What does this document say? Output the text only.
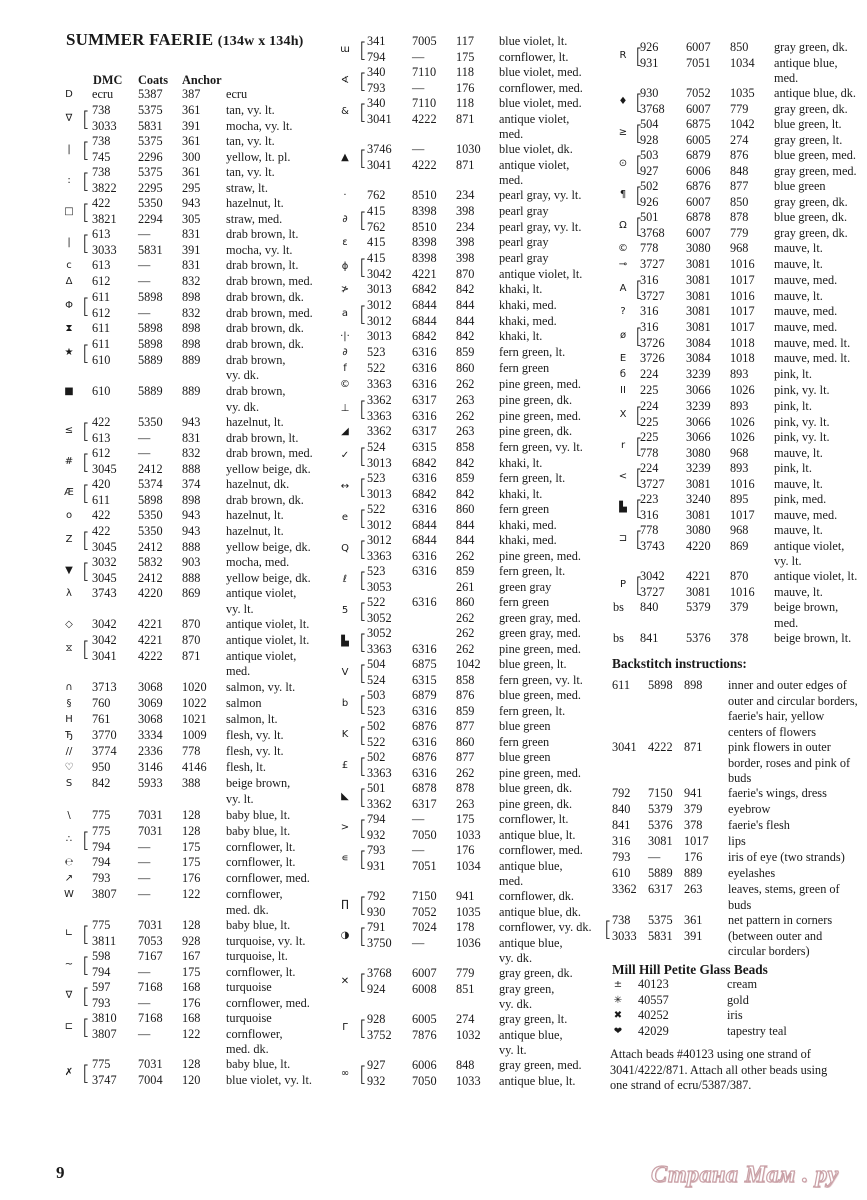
SUMMER FAERIE (134w x 134h)
DMC Coats Anchor
D	ecru 5387 387 ecru
∇ [ 738 5375 361 tan, vy. lt.
3033 5831 391 mocha, vy. lt.
| [ 738 5375 361 tan, vy. lt.
745 2296 300 yellow, lt. pl.
: [ 738 5375 361 tan, vy. lt.
3822 2295 295 straw, lt.
□ [ 422 5350 943 hazelnut, lt.
3821 2294 305 straw, med.
| [ 613 —	831 drab brown, lt.
3033 5831 391 mocha, vy. lt.
c	613 —	831 drab brown, lt.
Δ	612 —	832 drab brown, med.
Φ [ 611 5898 898 drab brown, dk.
612 —	832 drab brown, med.
⧗	611 5898 898 drab brown, dk.
★ [ 611 5898 898 drab brown, dk.
610 5889 889 drab brown,
vy. dk.
■	610 5889 889 drab brown,
vy. dk.
≤ [ 422 5350 943 hazelnut, lt.
613 —	831 drab brown, lt.
# [ 612 —	832 drab brown, med.
3045 2412 888 yellow beige, dk.
Æ [ 420 5374 374 hazelnut, dk.
611 5898 898 drab brown, dk.
o	422 5350 943 hazelnut, lt.
Z [ 422 5350 943 hazelnut, lt.
3045 2412 888 yellow beige, dk.
▼ [ 3032 5832 903 mocha, med.
3045 2412 888 yellow beige, dk.
λ	3743 4220 869 antique violet,
vy. lt.
◇	3042 4221 870 antique violet, lt.
⧖ [ 3042 4221 870 antique violet, lt.
3041 4222 871 antique violet,
med.
∩	3713 3068 1020 salmon, vy. lt.
§	760 3069 1022 salmon
H	761 3068 1021 salmon, lt.
Ђ	3770 3334 1009 flesh, vy. lt.
//	3774 2336 778 flesh, vy. lt.
♡	950 3146 4146 flesh, lt.
S	842 5933 388 beige brown,
vy. lt.
\	775 7031 128 baby blue, lt.
∴ [ 775 7031 128 baby blue, lt.
794 —	175 cornflower, lt.
℮	794 —	175 cornflower, lt.
↗	793 —	176 cornflower, med.
W	3807 —	122 cornflower,
med. dk.
∟ [ 775 7031 128 baby blue, lt.
3811 7053 928 turquoise, vy. lt.
~ [ 598 7167 167 turquoise, lt.
794 —	175 cornflower, lt.
∇ [ 597 7168 168 turquoise
793 —	176 cornflower, med.
⊏ [ 3810 7168 168 turquoise
3807 —	122 cornflower,
med. dk.
✗ [ 775 7031 128 baby blue, lt.
3747 7004 120 blue violet, vy. lt.
ɯ [ 341 7005 117 blue violet, lt.
794 —	175 cornflower, lt.
∢ [ 340 7110 118 blue violet, med.
793 —	176 cornflower, med.
& [ 340 7110 118 blue violet, med.
3041 4222 871 antique violet,
med.
▲ [ 3746 —	1030 blue violet, dk.
3041 4222 871 antique violet,
med.
·	762 8510 234 pearl gray, vy. lt.
∂ [ 415 8398 398 pearl gray
762 8510 234 pearl gray, vy. lt.
ε	415 8398 398 pearl gray
ϕ [ 415 8398 398 pearl gray
3042 4221 870 antique violet, lt.
≯	3013 6842 842 khaki, lt.
a [ 3012 6844 844 khaki, med.
3012 6844 844 khaki, med.
·|·	3013 6842 842 khaki, lt.
∂	523 6316 859 fern green, lt.
f	522 6316 860 fern green
©	3363 6316 262 pine green, med.
⊥ [ 3362 6317 263 pine green, dk.
3363 6316 262 pine green, med.
◢	3362 6317 263 pine green, dk.
✓ [ 524 6315 858 fern green, vy. lt.
3013 6842 842 khaki, lt.
↔ [ 523 6316 859 fern green, lt.
3013 6842 842 khaki, lt.
e [ 522 6316 860 fern green
3012 6844 844 khaki, med.
Q [ 3012 6844 844 khaki, med.
3363 6316 262 pine green, med.
ℓ [ 523 6316 859 fern green, lt.
3053	261 green gray
5 [ 522 6316 860 fern green
3052	262 green gray, med.
▙ [ 3052	262 green gray, med.
3363 6316 262 pine green, med.
V [ 504 6875 1042 blue green, lt.
524 6315 858 fern green, vy. lt.
b [ 503 6879 876 blue green, med.
523 6316 859 fern green, lt.
K [ 502 6876 877 blue green
522 6316 860 fern green
£ [ 502 6876 877 blue green
3363 6316 262 pine green, med.
◣ [ 501 6878 878 blue green, dk.
3362 6317 263 pine green, dk.
> [ 794 —	175 cornflower, lt.
932 7050 1033 antique blue, lt.
∊ [ 793 —	176 cornflower, med.
931 7051 1034 antique blue,
med.
∏ [ 792 7150 941 cornflower, dk.
930 7052 1035 antique blue, dk.
◑ [ 791 7024 178 cornflower, vy. dk.
3750 —	1036 antique blue,
vy. dk.
✕ [ 3768 6007 779 gray green, dk.
924 6008 851 gray green,
vy. dk.
Γ [ 928 6005 274 gray green, lt.
3752 7876 1032 antique blue,
vy. lt.
∞ [ 927 6006 848 gray green, med.
932 7050 1033 antique blue, lt.
R [
926 6007 850 gray green, dk.
931 7051 1034 antique blue,
med.
♦ [
930 7052 1035 antique blue, dk.
3768 6007 779 gray green, dk.
≥ [
504 6875 1042 blue green, lt.
928 6005 274 gray green, lt.
⊙ [
503 6879 876 blue green, med.
927 6006 848 gray green, med.
¶ [
502 6876 877 blue green
926 6007 850 gray green, dk.
Ω [
501 6878 878 blue green, dk.
3768 6007 779 gray green, dk.
© 778 3080 968 mauve, lt.
⊸	3727 3081 1016 mauve, lt.
A [
316 3081 1017 mauve, med.
3727 3081 1016 mauve, lt.
?	316 3081 1017 mauve, med.
ø [
316 3081 1017 mauve, med.
3726 3084 1018 mauve, med. lt.
E	3726 3084 1018 mauve, med. lt.
б	224 3239 893 pink, lt.
II	225 3066 1026 pink, vy. lt.
X [
224 3239 893 pink, lt.
225 3066 1026 pink, vy. lt.
r [
225 3066 1026 pink, vy. lt.
778 3080 968 mauve, lt.
< [
224 3239 893 pink, lt.
3727 3081 1016 mauve, lt.
▙ [
223 3240 895 pink, med.
316 3081 1017 mauve, med.
⊐ [
778 3080 968 mauve, lt.
3743 4220 869 antique violet,
vy. lt.
P [
3042 4221 870 antique violet, lt.
3727 3081 1016 mauve, lt.
bs 840 5379 379 beige brown,
med.
bs 841 5376 378 beige brown, lt.
Backstitch instructions:
611 5898 898 inner and outer edges of
outer and circular borders,
faerie's hair, yellow
centers of flowers
3041 4222 871 pink flowers in outer
border, roses and pink of
buds
792 7150 941 faerie's wings, dress
840 5379 379 eyebrow
841 5376 378 faerie's flesh
316 3081 1017 lips
793 — 176 iris of eye (two strands)
610 5889 889 eyelashes
3362 6317 263 leaves, stems, green of
buds
[ 738 5375 361
3033 5831 391
net pattern in corners
(between outer and
circular borders)
Mill Hill Petite Glass Beads
± 40123	cream
✳ 40557	gold
✖ 40252	iris
❤ 42029	tapestry teal
Attach beads #40123 using one strand of
3041/4222/871. Attach all other beads using
one strand of ecru/5387/387.
9	Страна Мам . ру
